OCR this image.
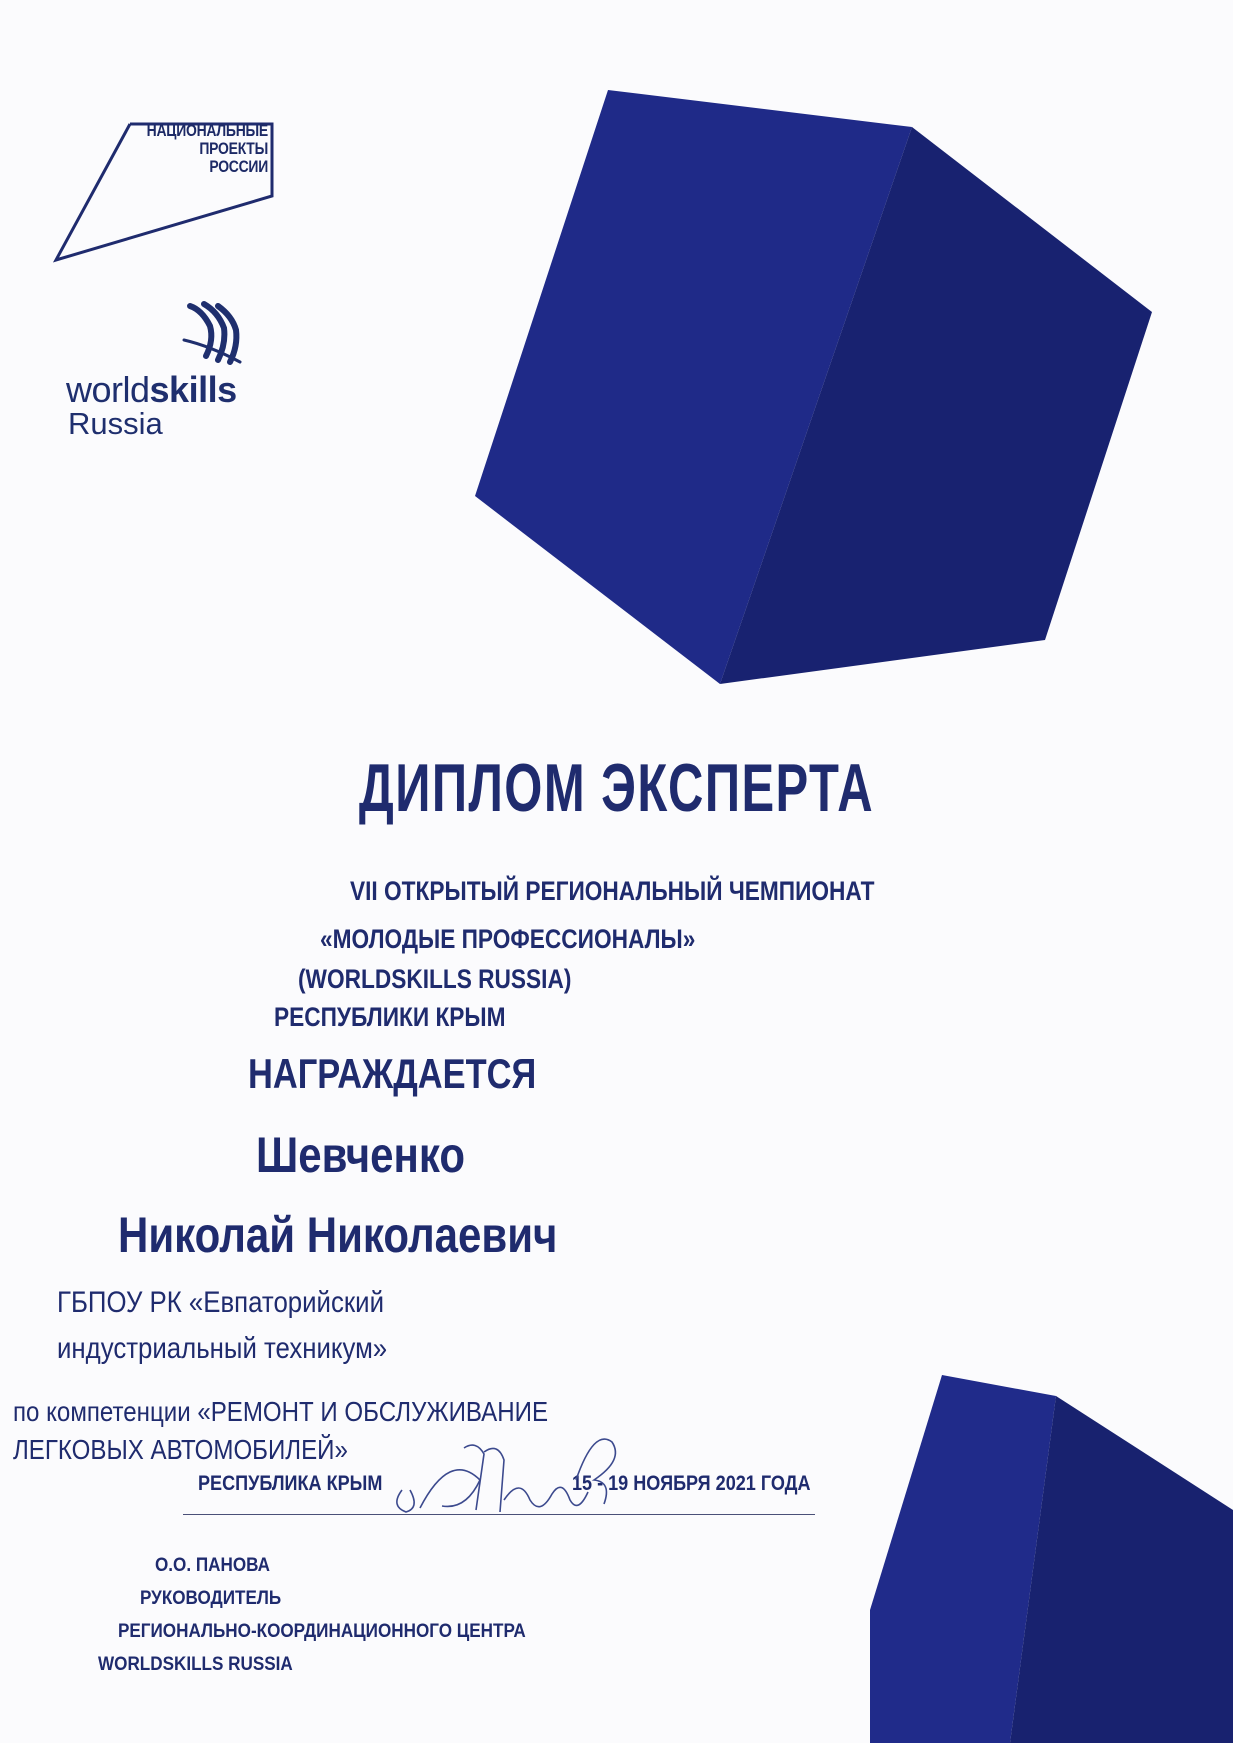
НАЦИОНАЛЬНЫЕ
ПРОЕКТЫ
РОССИИ
worldskills
Russia
ДИПЛОМ ЭКСПЕРТА
VII ОТКРЫТЫЙ РЕГИОНАЛЬНЫЙ ЧЕМПИОНАТ
«МОЛОДЫЕ ПРОФЕССИОНАЛЫ»
(WORLDSKILLS RUSSIA)
РЕСПУБЛИКИ КРЫМ
НАГРАЖДАЕТСЯ
Шевченко
Николай Николаевич
ГБПОУ РК «Евпаторийский
индустриальный техникум»
по компетенции «РЕМОНТ И ОБСЛУЖИВАНИЕ
ЛЕГКОВЫХ АВТОМОБИЛЕЙ»
РЕСПУБЛИКА КРЫМ	15 - 19 НОЯБРЯ 2021 ГОДА
О.О. ПАНОВА
РУКОВОДИТЕЛЬ
РЕГИОНАЛЬНО-КООРДИНАЦИОННОГО ЦЕНТРА
WORLDSKILLS RUSSIA
